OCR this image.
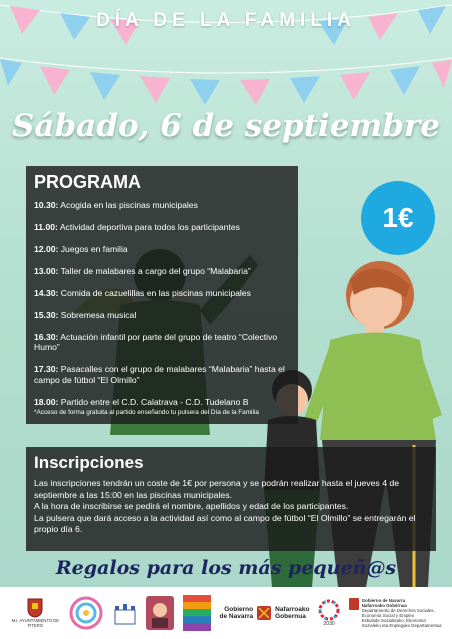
DÍA DE LA FAMILIA
Sábado, 6 de septiembre
1€
PROGRAMA
10.30: Acogida en las piscinas municipales
11.00: Actividad deportiva para todos los participantes
12.00: Juegos en familia
13.00: Taller de malabares a cargo del grupo “Malabaria”
14.30: Comida de cazuelillas en las piscinas municipales
15.30: Sobremesa musical
16.30: Actuación infantil por parte del grupo de teatro “Colectivo Humo”
17.30: Pasacalles con el grupo de malabares “Malabaria” hasta el campo de fútbol “El Olmillo”
18.00: Partido entre el C.D. Calatrava - C.D. Tudelano B
*Acceso de forma gratuita al partido enseñando tu pulsera del Día de la Familia
Inscripciones

Las inscripciones tendrán un coste de 1€ por persona y se podrán realizar hasta el jueves 4 de septiembre a las 15:00 en las piscinas municipales.

A la hora de inscribirse se pedirá el nombre, apellidos y edad de los participantes.

La pulsera que dará acceso a la actividad así como al campo de fútbol “El Olmillo” se entregarán el propio día 6.

Regalos para los más pequeñ@s
M.I. AYUNTAMIENTO DE FITERO
Gobierno
de Navarra
Nafarroako
Gobernua
2030
Gobierno de Navarra
Nafarroako Gobernua
Departamento de Derechos Sociales,
Economía Social y Empleo
Eskubide Sozialetako, Ekonomia
Sozialeko eta Enpleguko Departamentua
